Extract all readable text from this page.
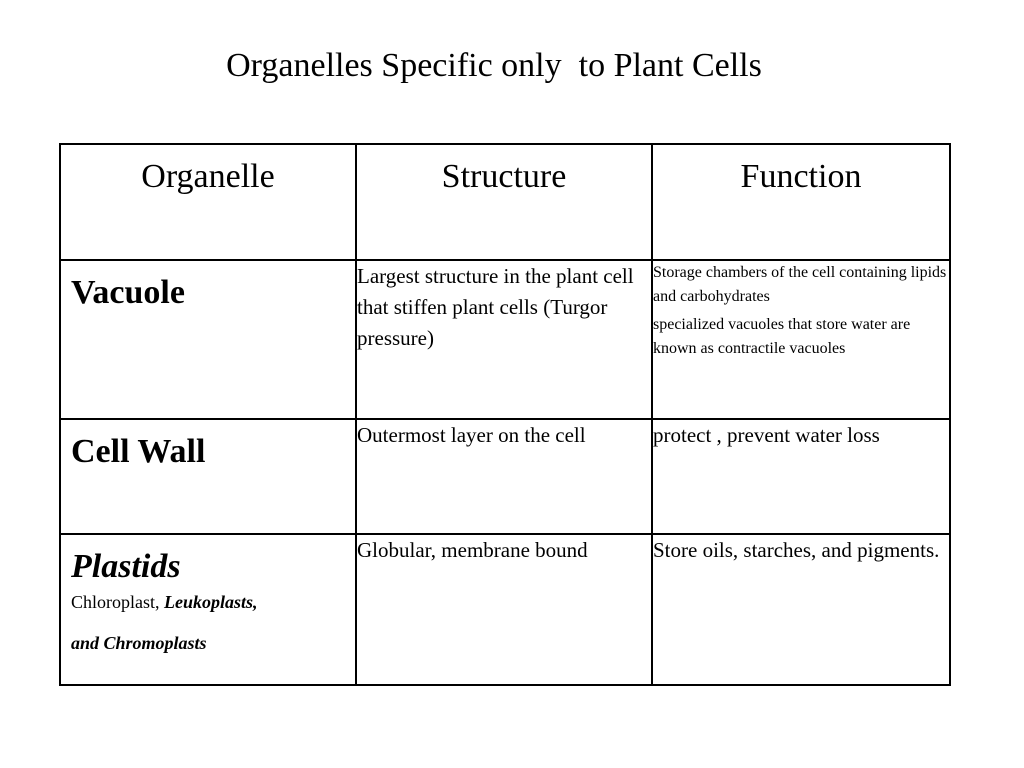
Organelles Specific only  to Plant Cells
Organelle	Structure	Function

Vacuole	Largest structure in the plant cell that stiffen plant cells (Turgor pressure)	Storage chambers of the cell containing lipids and carbohydrates

specialized vacuoles that store water are known as contractile vacuoles

Cell Wall	Outermost layer on the cell	protect , prevent water loss

Plastids
Chloroplast, Leukoplasts,
and Chromoplasts	Globular, membrane bound	Store oils, starches, and pigments.
